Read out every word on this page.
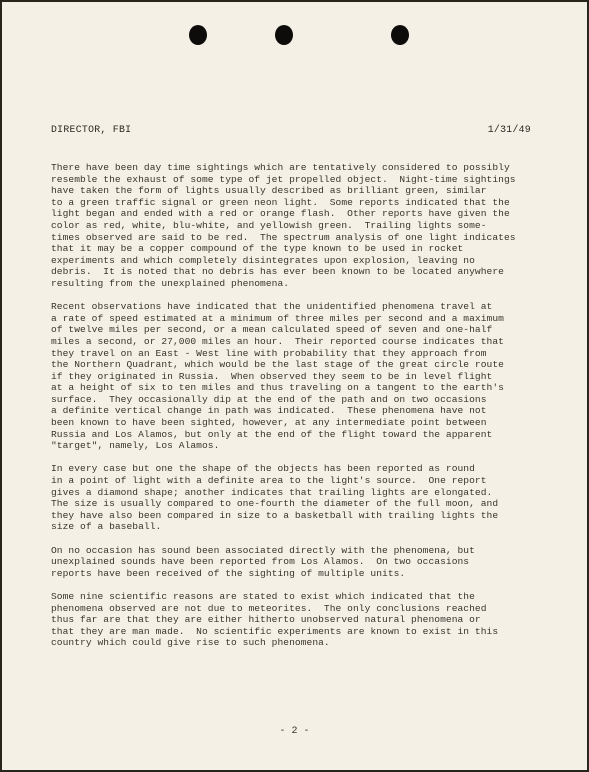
DIRECTOR, FBI	1/31/49

There have been day time sightings which are tentatively considered to possibly
resemble the exhaust of some type of jet propelled object.  Night-time sightings
have taken the form of lights usually described as brilliant green, similar
to a green traffic signal or green neon light.  Some reports indicated that the
light began and ended with a red or orange flash.  Other reports have given the
color as red, white, blu-white, and yellowish green.  Trailing lights some-
times observed are said to be red.  The spectrum analysis of one light indicates
that it may be a copper compound of the type known to be used in rocket
experiments and which completely disintegrates upon explosion, leaving no
debris.  It is noted that no debris has ever been known to be located anywhere
resulting from the unexplained phenomena.

Recent observations have indicated that the unidentified phenomena travel at
a rate of speed estimated at a minimum of three miles per second and a maximum
of twelve miles per second, or a mean calculated speed of seven and one-half
miles a second, or 27,000 miles an hour.  Their reported course indicates that
they travel on an East - West line with probability that they approach from
the Northern Quadrant, which would be the last stage of the great circle route
if they originated in Russia.  When observed they seem to be in level flight
at a height of six to ten miles and thus traveling on a tangent to the earth's
surface.  They occasionally dip at the end of the path and on two occasions
a definite vertical change in path was indicated.  These phenomena have not
been known to have been sighted, however, at any intermediate point between
Russia and Los Alamos, but only at the end of the flight toward the apparent
"target", namely, Los Alamos.

In every case but one the shape of the objects has been reported as round
in a point of light with a definite area to the light's source.  One report
gives a diamond shape; another indicates that trailing lights are elongated.
The size is usually compared to one-fourth the diameter of the full moon, and
they have also been compared in size to a basketball with trailing lights the
size of a baseball.

On no occasion has sound been associated directly with the phenomena, but
unexplained sounds have been reported from Los Alamos.  On two occasions
reports have been received of the sighting of multiple units.

Some nine scientific reasons are stated to exist which indicated that the
phenomena observed are not due to meteorites.  The only conclusions reached
thus far are that they are either hitherto unobserved natural phenomena or
that they are man made.  No scientific experiments are known to exist in this
country which could give rise to such phenomena.

- 2 -
